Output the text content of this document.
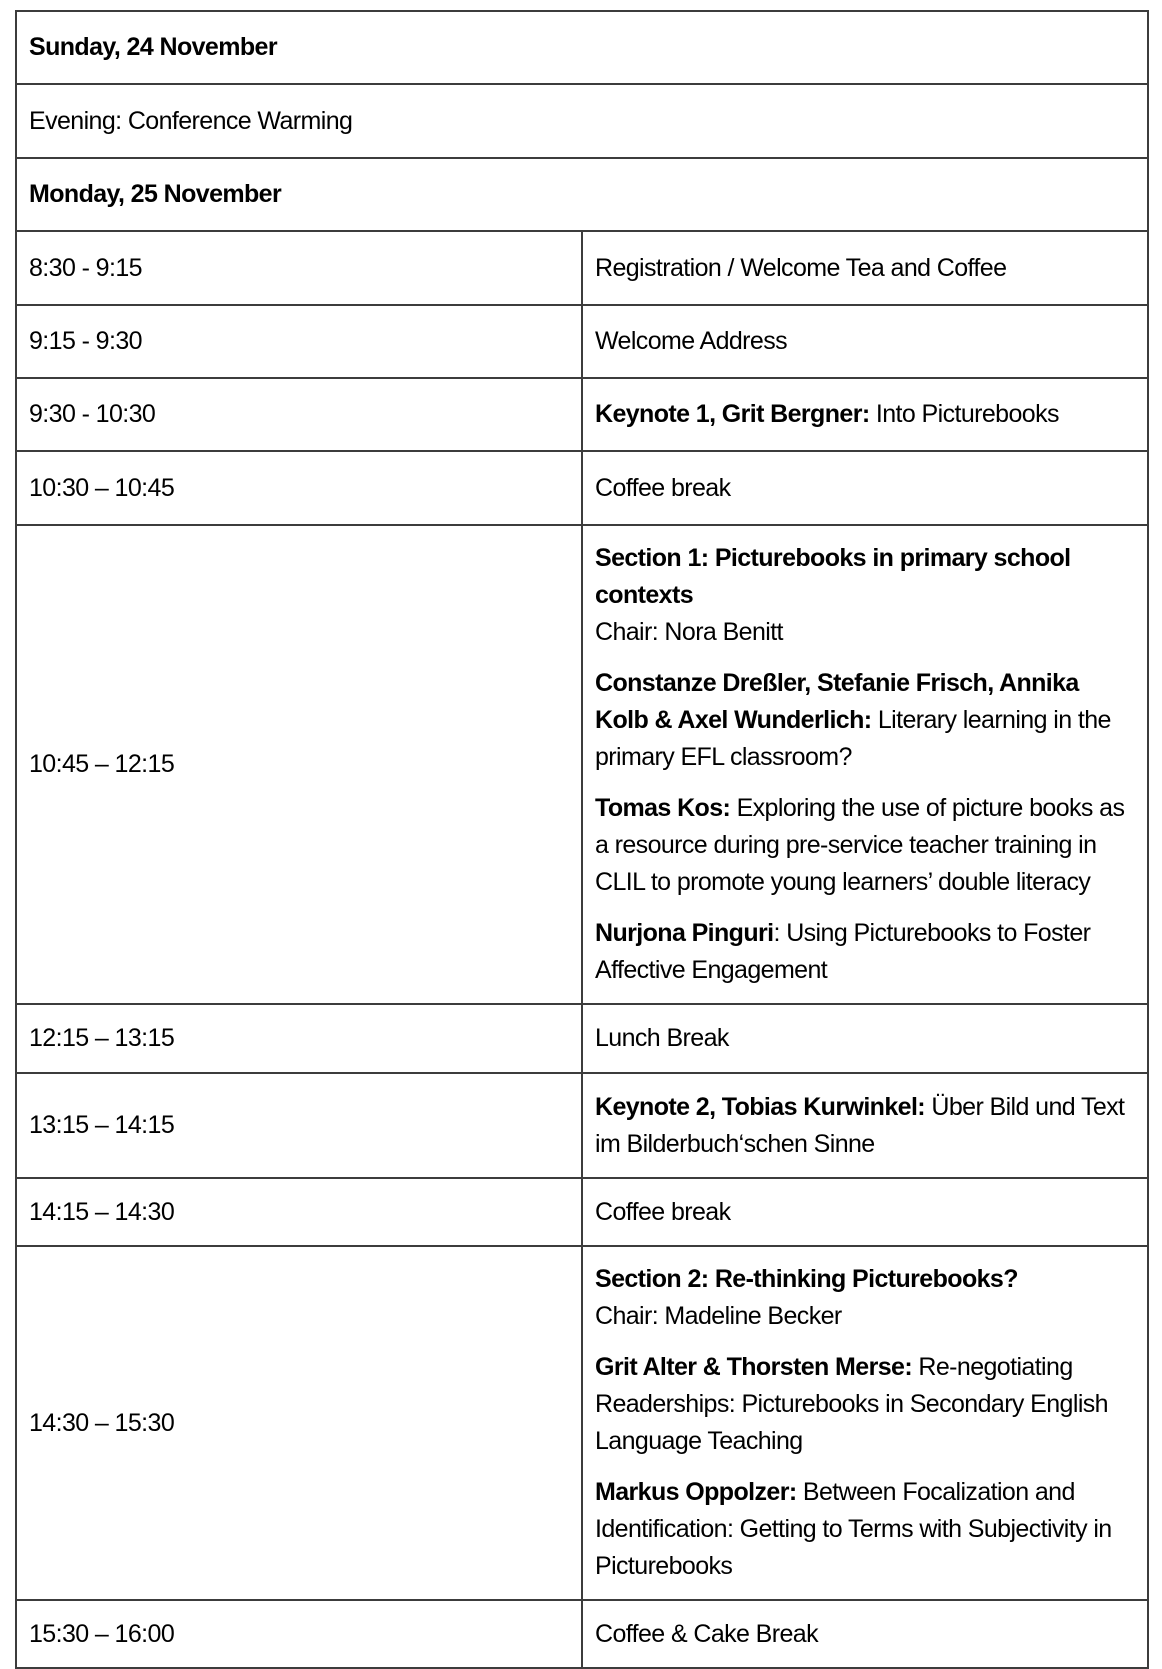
Sunday, 24 November	
Evening: Conference Warming	
Monday, 25 November	
8:30 - 9:15	Registration / Welcome Tea and Coffee
9:15 - 9:30	Welcome Address
9:30 - 10:30	Keynote 1, Grit Bergner: Into Picturebooks
10:30 – 10:45	Coffee break
10:45 – 12:15	Section 1: Picturebooks in primary school contexts

Chair: Nora Benitt

Constanze Dreßler, Stefanie Frisch, Annika Kolb & Axel Wunderlich: Literary learning in the primary EFL classroom?

Tomas Kos: Exploring the use of picture books as a resource during pre-service teacher training in CLIL to promote young learners’ double literacy

Nurjona Pinguri: Using Picturebooks to Foster Affective Engagement

12:15 – 13:15	Lunch Break
13:15 – 14:15	Keynote 2, Tobias Kurwinkel: Über Bild und Text im Bilderbuch‘schen Sinne
14:15 – 14:30	Coffee break
14:30 – 15:30	Section 2: Re-thinking Picturebooks?

Chair: Madeline Becker

Grit Alter & Thorsten Merse: Re-negotiating Readerships: Picturebooks in Secondary English Language Teaching

Markus Oppolzer: Between Focalization and Identification: Getting to Terms with Subjectivity in Picturebooks

15:30 – 16:00	Coffee & Cake Break
